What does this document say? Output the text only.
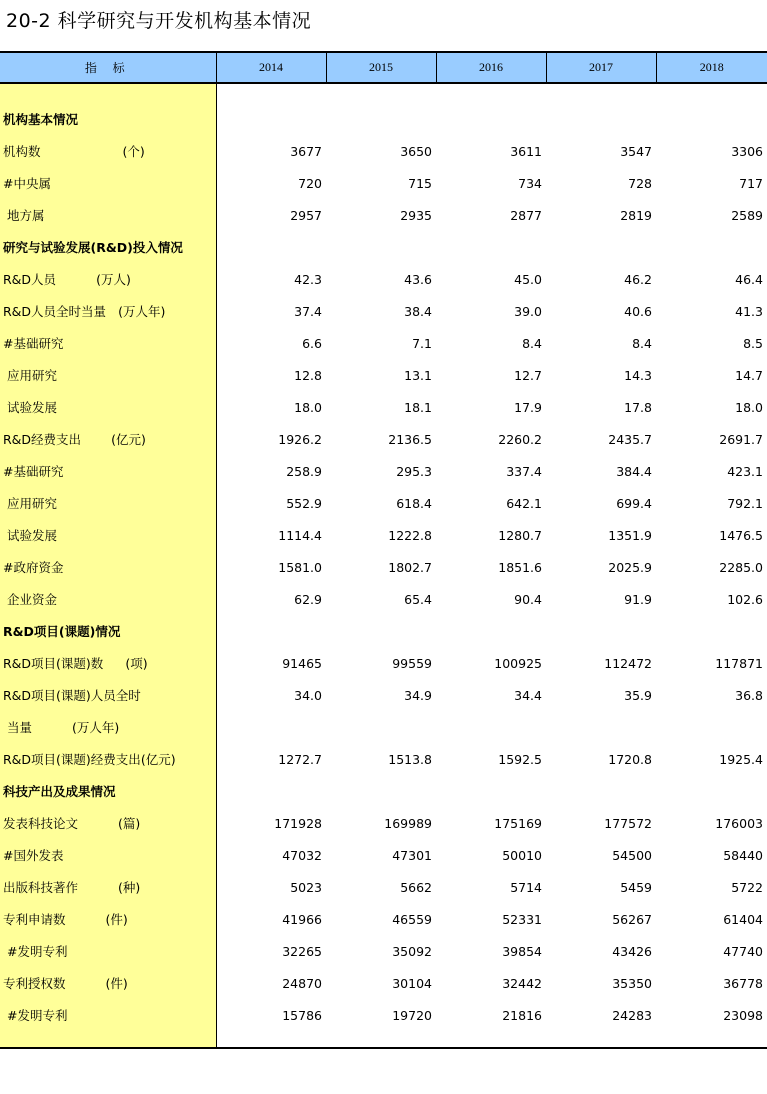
20-2 科学研究与开发机构基本情况
指 标	2014	2015	2016	2017	2018

机构基本情况					
机构数 (个)	3677	3650	3611	3547	3306
#中央属	720	715	734	728	717
地方属	2957	2935	2877	2819	2589
研究与试验发展(R&D)投入情况					
R&D人员 (万人)	42.3	43.6	45.0	46.2	46.4
R&D人员全时当量 (万人年)	37.4	38.4	39.0	40.6	41.3
#基础研究	6.6	7.1	8.4	8.4	8.5
应用研究	12.8	13.1	12.7	14.3	14.7
试验发展	18.0	18.1	17.9	17.8	18.0
R&D经费支出 (亿元)	1926.2	2136.5	2260.2	2435.7	2691.7
#基础研究	258.9	295.3	337.4	384.4	423.1
应用研究	552.9	618.4	642.1	699.4	792.1
试验发展	1114.4	1222.8	1280.7	1351.9	1476.5
#政府资金	1581.0	1802.7	1851.6	2025.9	2285.0
企业资金	62.9	65.4	90.4	91.9	102.6
R&D项目(课题)情况					
R&D项目(课题)数 (项)	91465	99559	100925	112472	117871
R&D项目(课题)人员全时	34.0	34.9	34.4	35.9	36.8
当量 (万人年)					
R&D项目(课题)经费支出(亿元)	1272.7	1513.8	1592.5	1720.8	1925.4
科技产出及成果情况					
发表科技论文 (篇)	171928	169989	175169	177572	176003
#国外发表	47032	47301	50010	54500	58440
出版科技著作 (种)	5023	5662	5714	5459	5722
专利申请数 (件)	41966	46559	52331	56267	61404
#发明专利	32265	35092	39854	43426	47740
专利授权数 (件)	24870	30104	32442	35350	36778
#发明专利	15786	19720	21816	24283	23098
